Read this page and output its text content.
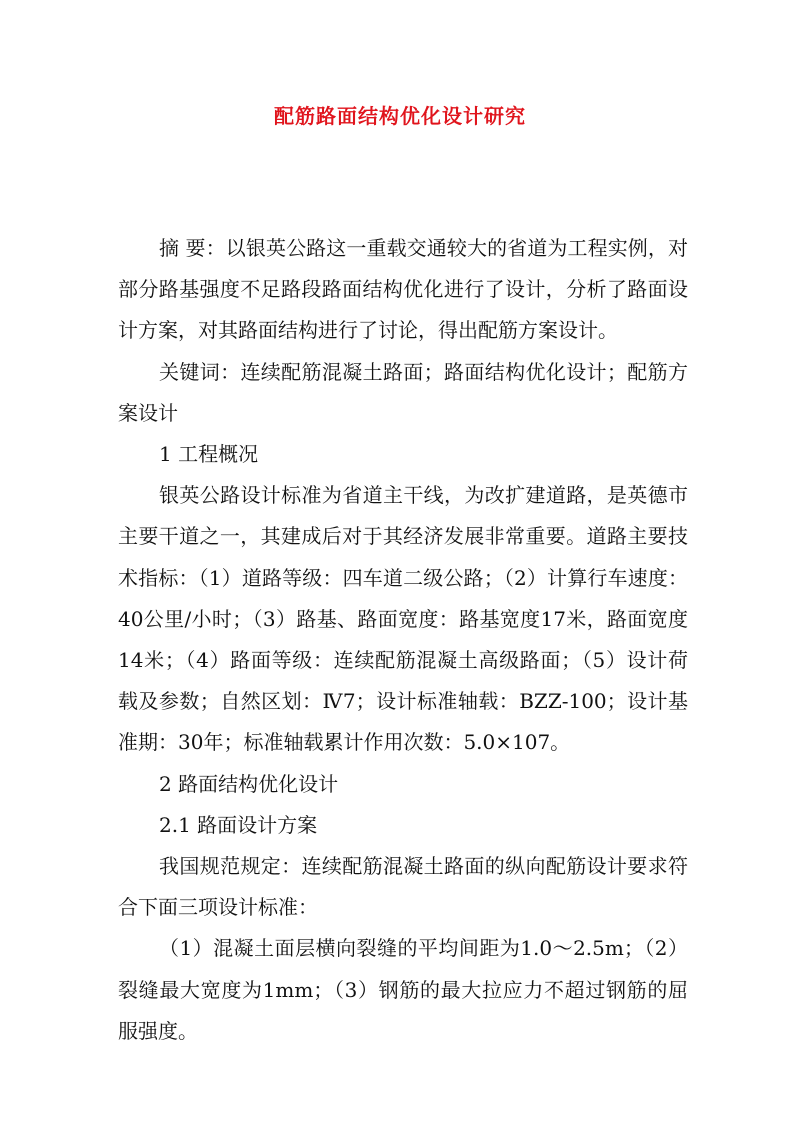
配筋路面结构优化设计研究

摘 要：以银英公路这一重载交通较大的省道为工程实例，对部分路基强度不足路段路面结构优化进行了设计，分析了路面设计方案，对其路面结构进行了讨论，得出配筋方案设计。

关键词：连续配筋混凝土路面；路面结构优化设计；配筋方案设计

1 工程概况

银英公路设计标准为省道主干线，为改扩建道路，是英德市主要干道之一，其建成后对于其经济发展非常重要。道路主要技术指标：（1）道路等级：四车道二级公路；（2）计算行车速度：40公里/小时；（3）路基、路面宽度：路基宽度17米，路面宽度14米；（4）路面等级：连续配筋混凝土高级路面；（5）设计荷载及参数；自然区划：Ⅳ7；设计标准轴载：BZZ-100；设计基准期：30年；标准轴载累计作用次数：5.0×107。

2 路面结构优化设计

2.1 路面设计方案

我国规范规定：连续配筋混凝土路面的纵向配筋设计要求符合下面三项设计标准：

（1）混凝土面层横向裂缝的平均间距为1.0～2.5m；（2）裂缝最大宽度为1mm；（3）钢筋的最大拉应力不超过钢筋的屈服强度。
